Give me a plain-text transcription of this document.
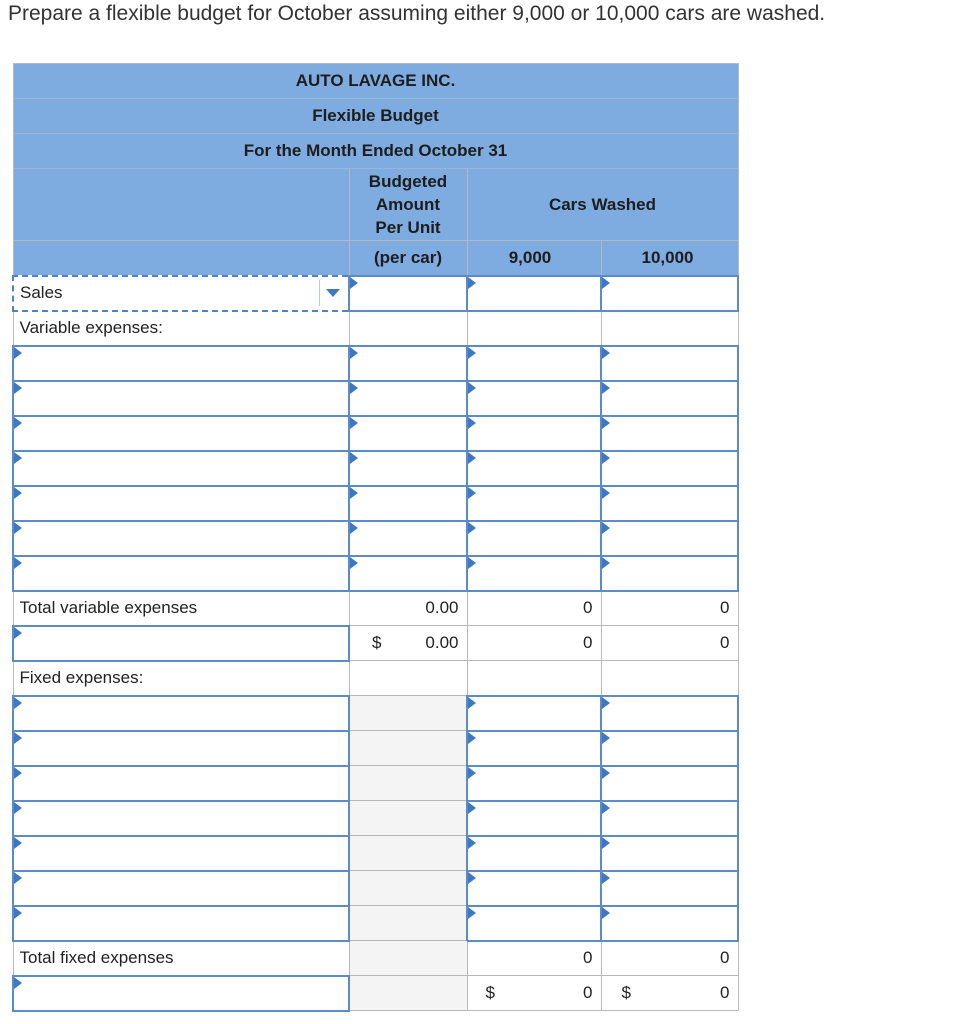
Prepare a flexible budget for October assuming either 9,000 or 10,000 cars are washed.
AUTO LAVAGE INC.			
Flexible Budget			
For the Month Ended October 31			

	Budgeted
Amount
Per Unit	Cars Washed	
	(per car)	9,000	10,000
Sales

Variable expenses:			

Total variable expenses	0.00	0	0

	$ 0.00	0	0
Fixed expenses:			

Total fixed expenses		0	0

		$ 0	$ 0
